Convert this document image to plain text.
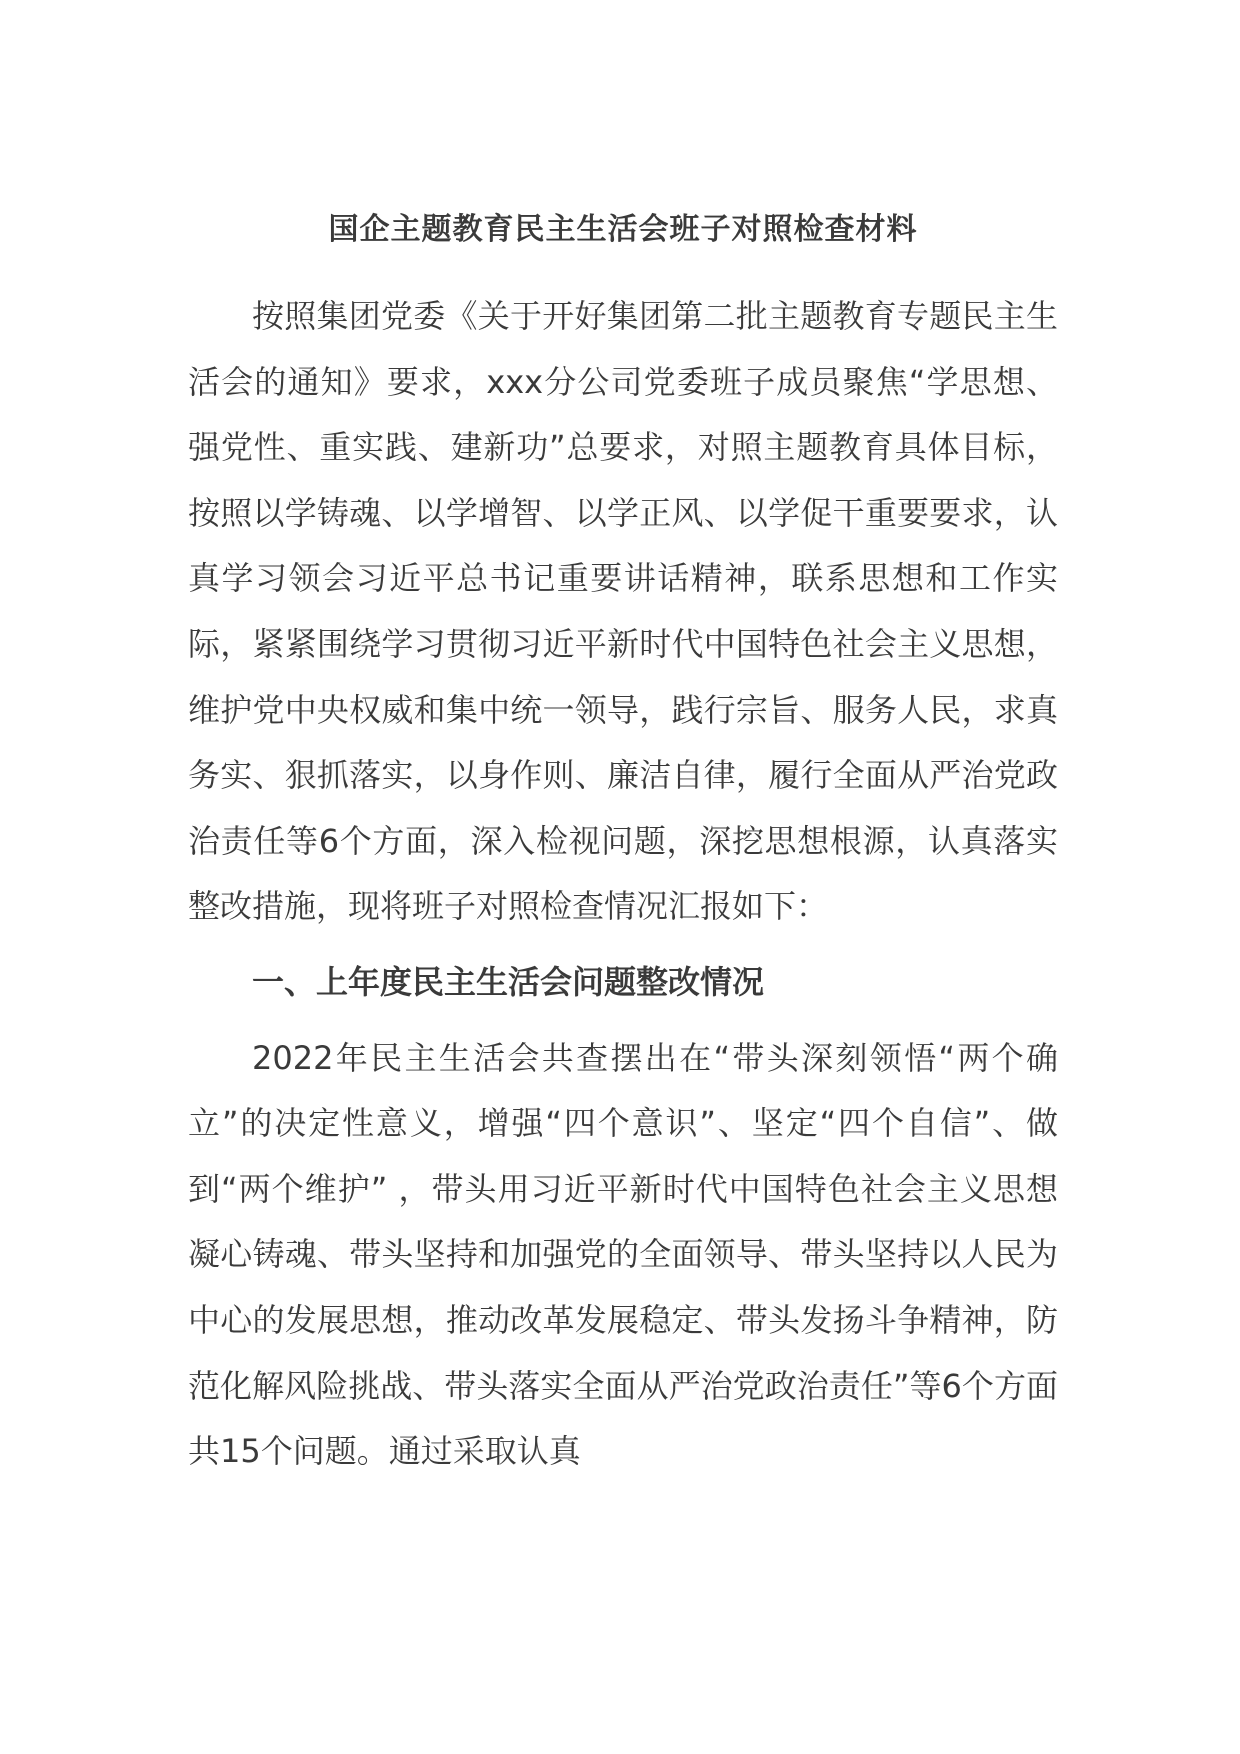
国企主题教育民主生活会班子对照检查材料

按照集团党委《关于开好集团第二批主题教育专题民主生活会的通知》要求，xxx分公司党委班子成员聚焦“学思想、强党性、重实践、建新功”总要求，对照主题教育具体目标，按照以学铸魂、以学增智、以学正风、以学促干重要要求，认真学习领会习近平总书记重要讲话精神，联系思想和工作实际，紧紧围绕学习贯彻习近平新时代中国特色社会主义思想，维护党中央权威和集中统一领导，践行宗旨、服务人民，求真务实、狠抓落实，以身作则、廉洁自律，履行全面从严治党政治责任等6个方面，深入检视问题，深挖思想根源，认真落实整改措施，现将班子对照检查情况汇报如下：

一、上年度民主生活会问题整改情况

2022年民主生活会共查摆出在“带头深刻领悟“两个确立”的决定性意义，增强“四个意识”、坚定“四个自信”、做到“两个维护” ，带头用习近平新时代中国特色社会主义思想凝心铸魂、带头坚持和加强党的全面领导、带头坚持以人民为中心的发展思想，推动改革发展稳定、带头发扬斗争精神，防范化解风险挑战、带头落实全面从严治党政治责任”等6个方面共15个问题。通过采取认真
